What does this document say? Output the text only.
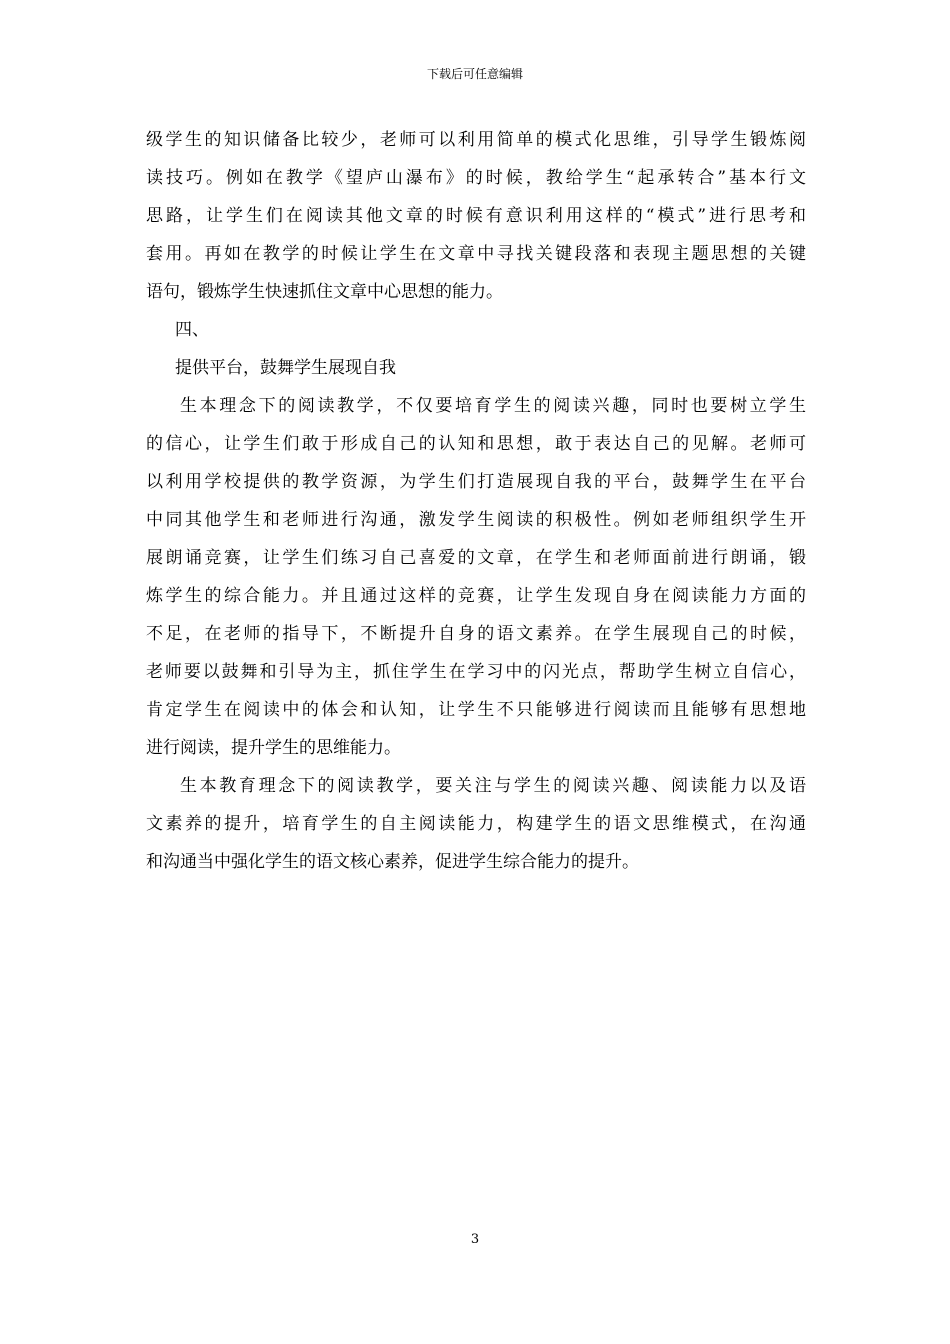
下载后可任意编辑
级学生的知识储备比较少，老师可以利用简单的模式化思维，引导学生锻炼阅
读技巧。例如在教学《望庐山瀑布》的时候，教给学生“起承转合”基本行文
思路，让学生们在阅读其他文章的时候有意识利用这样的“模式”进行思考和
套用。再如在教学的时候让学生在文章中寻找关键段落和表现主题思想的关键
语句，锻炼学生快速抓住文章中心思想的能力。
四、
提供平台，鼓舞学生展现自我
生本理念下的阅读教学，不仅要培育学生的阅读兴趣，同时也要树立学生
的信心，让学生们敢于形成自己的认知和思想，敢于表达自己的见解。老师可
以利用学校提供的教学资源，为学生们打造展现自我的平台，鼓舞学生在平台
中同其他学生和老师进行沟通，激发学生阅读的积极性。例如老师组织学生开
展朗诵竞赛，让学生们练习自己喜爱的文章，在学生和老师面前进行朗诵，锻
炼学生的综合能力。并且通过这样的竞赛，让学生发现自身在阅读能力方面的
不足，在老师的指导下，不断提升自身的语文素养。在学生展现自己的时候，
老师要以鼓舞和引导为主，抓住学生在学习中的闪光点，帮助学生树立自信心，
肯定学生在阅读中的体会和认知，让学生不只能够进行阅读而且能够有思想地
进行阅读，提升学生的思维能力。
生本教育理念下的阅读教学，要关注与学生的阅读兴趣、阅读能力以及语
文素养的提升，培育学生的自主阅读能力，构建学生的语文思维模式，在沟通
和沟通当中强化学生的语文核心素养，促进学生综合能力的提升。
3
